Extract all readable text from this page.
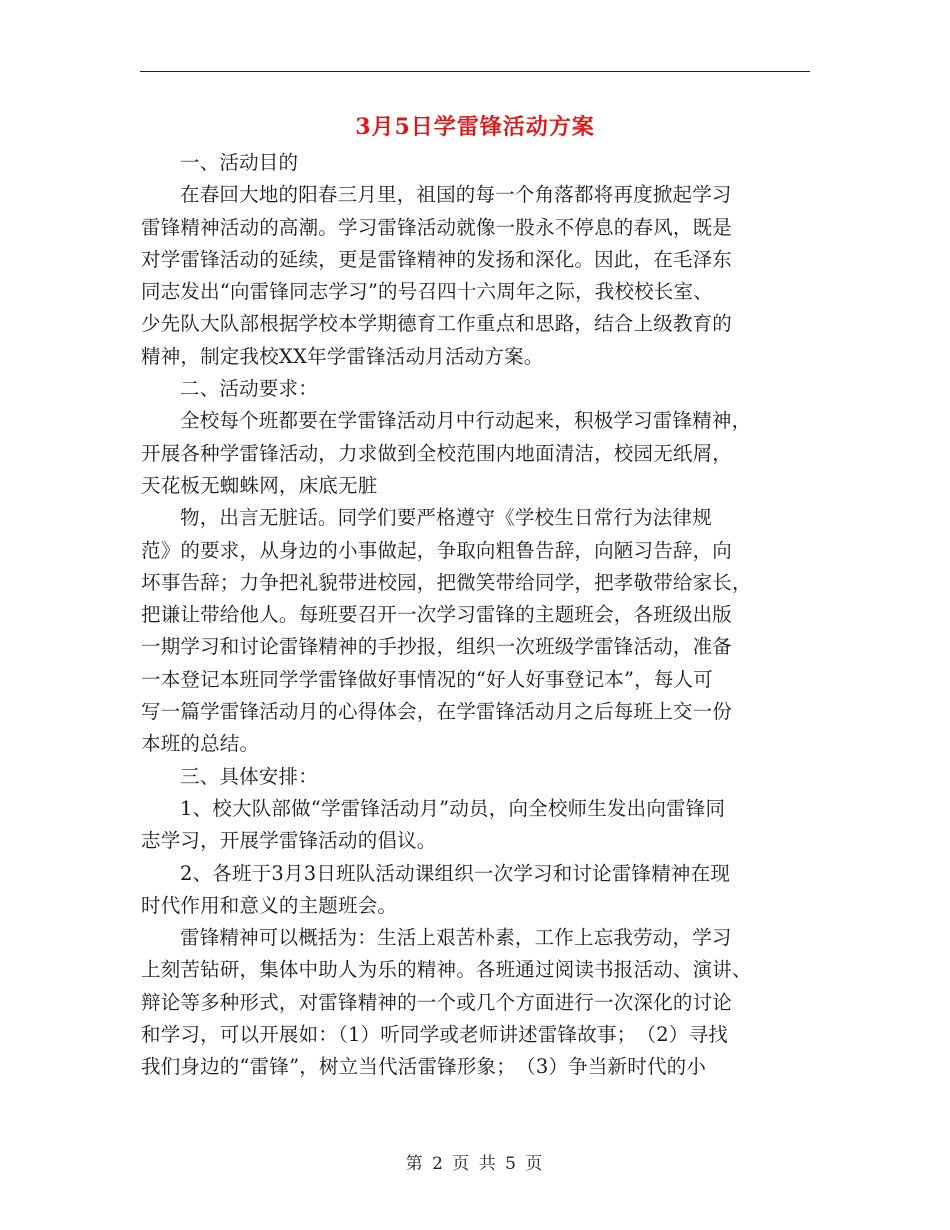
3月5日学雷锋活动方案
一、活动目的
在春回大地的阳春三月里，祖国的每一个角落都将再度掀起学习
雷锋精神活动的高潮。学习雷锋活动就像一股永不停息的春风，既是
对学雷锋活动的延续，更是雷锋精神的发扬和深化。因此，在毛泽东
同志发出“向雷锋同志学习”的号召四十六周年之际，我校校长室、
少先队大队部根据学校本学期德育工作重点和思路，结合上级教育的
精神，制定我校XX年学雷锋活动月活动方案。
二、活动要求：
全校每个班都要在学雷锋活动月中行动起来，积极学习雷锋精神，
开展各种学雷锋活动，力求做到全校范围内地面清洁，校园无纸屑，
天花板无蜘蛛网，床底无脏
物，出言无脏话。同学们要严格遵守《学校生日常行为法律规
范》的要求，从身边的小事做起，争取向粗鲁告辞，向陋习告辞，向
坏事告辞；力争把礼貌带进校园，把微笑带给同学，把孝敬带给家长，
把谦让带给他人。每班要召开一次学习雷锋的主题班会，各班级出版
一期学习和讨论雷锋精神的手抄报，组织一次班级学雷锋活动，准备
一本登记本班同学学雷锋做好事情况的“好人好事登记本”，每人可
写一篇学雷锋活动月的心得体会，在学雷锋活动月之后每班上交一份
本班的总结。
三、具体安排：
1、校大队部做“学雷锋活动月”动员，向全校师生发出向雷锋同
志学习，开展学雷锋活动的倡议。
2、各班于3月3日班队活动课组织一次学习和讨论雷锋精神在现
时代作用和意义的主题班会。
雷锋精神可以概括为：生活上艰苦朴素，工作上忘我劳动，学习
上刻苦钻研，集体中助人为乐的精神。各班通过阅读书报活动、演讲、
辩论等多种形式，对雷锋精神的一个或几个方面进行一次深化的讨论
和学习，可以开展如：（1）听同学或老师讲述雷锋故事；　（2）寻找
我们身边的“雷锋”，树立当代活雷锋形象；　（3）争当新时代的小
第 2 页 共 5 页
